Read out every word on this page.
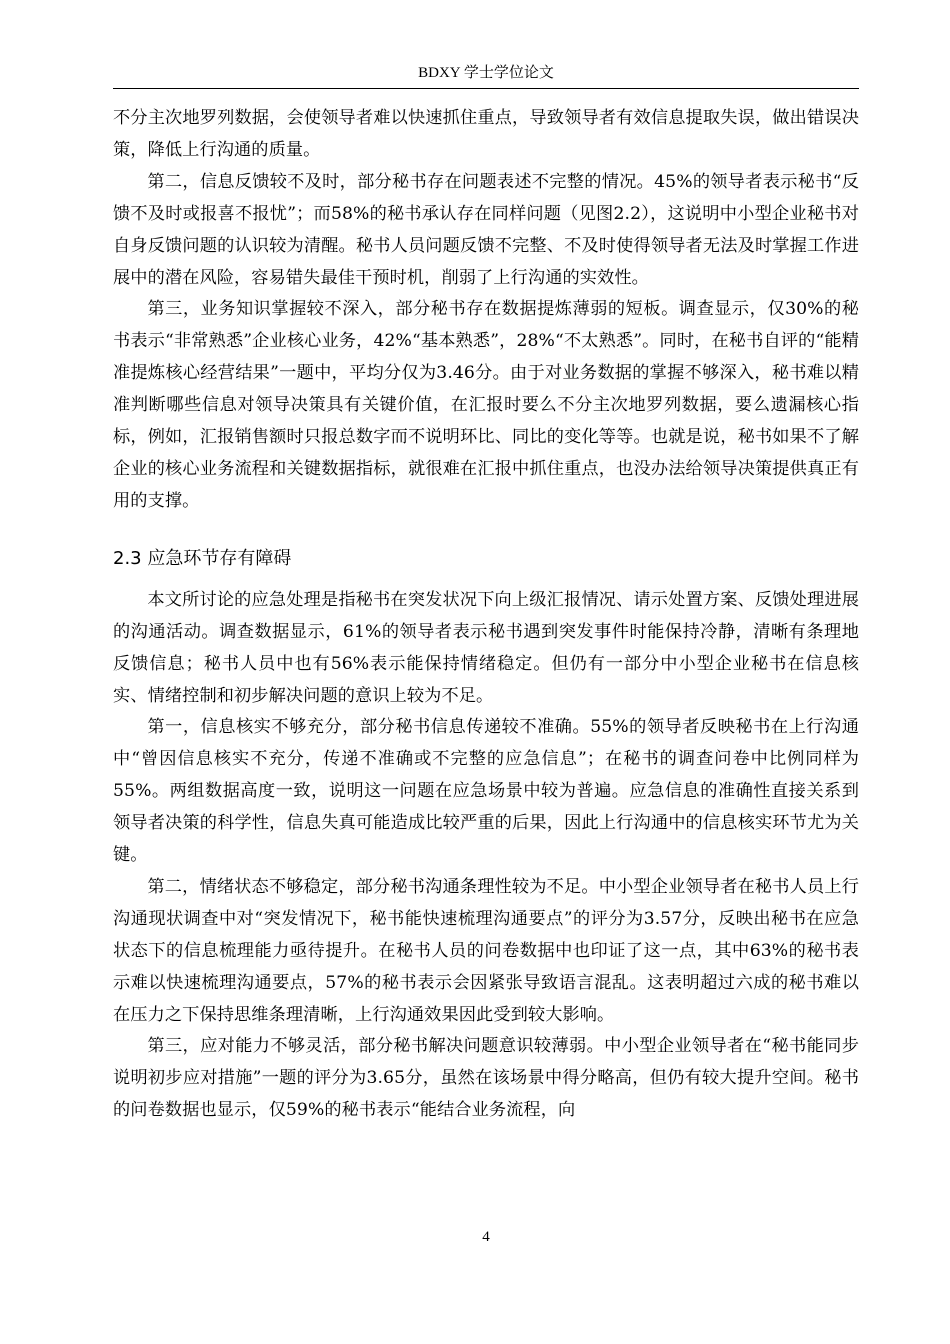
BDXY 学士学位论文

不分主次地罗列数据，会使领导者难以快速抓住重点，导致领导者有效信息提取失误，做出错误决策，降低上行沟通的质量。

第二，信息反馈较不及时，部分秘书存在问题表述不完整的情况。45%的领导者表示秘书“反馈不及时或报喜不报忧”；而58%的秘书承认存在同样问题（见图2.2），这说明中小型企业秘书对自身反馈问题的认识较为清醒。秘书人员问题反馈不完整、不及时使得领导者无法及时掌握工作进展中的潜在风险，容易错失最佳干预时机，削弱了上行沟通的实效性。

第三，业务知识掌握较不深入，部分秘书存在数据提炼薄弱的短板。调查显示，仅30%的秘书表示“非常熟悉”企业核心业务，42%“基本熟悉”，28%“不太熟悉”。同时，在秘书自评的“能精准提炼核心经营结果”一题中，平均分仅为3.46分。由于对业务数据的掌握不够深入，秘书难以精准判断哪些信息对领导决策具有关键价值，在汇报时要么不分主次地罗列数据，要么遗漏核心指标，例如，汇报销售额时只报总数字而不说明环比、同比的变化等等。也就是说，秘书如果不了解企业的核心业务流程和关键数据指标，就很难在汇报中抓住重点，也没办法给领导决策提供真正有用的支撑。

2.3 应急环节存有障碍

本文所讨论的应急处理是指秘书在突发状况下向上级汇报情况、请示处置方案、反馈处理进展的沟通活动。调查数据显示，61%的领导者表示秘书遇到突发事件时能保持冷静，清晰有条理地反馈信息；秘书人员中也有56%表示能保持情绪稳定。但仍有一部分中小型企业秘书在信息核实、情绪控制和初步解决问题的意识上较为不足。

第一，信息核实不够充分，部分秘书信息传递较不准确。55%的领导者反映秘书在上行沟通中“曾因信息核实不充分，传递不准确或不完整的应急信息”；在秘书的调查问卷中比例同样为55%。两组数据高度一致，说明这一问题在应急场景中较为普遍。应急信息的准确性直接关系到领导者决策的科学性，信息失真可能造成比较严重的后果，因此上行沟通中的信息核实环节尤为关键。

第二，情绪状态不够稳定，部分秘书沟通条理性较为不足。中小型企业领导者在秘书人员上行沟通现状调查中对“突发情况下，秘书能快速梳理沟通要点”的评分为3.57分，反映出秘书在应急状态下的信息梳理能力亟待提升。在秘书人员的问卷数据中也印证了这一点，其中63%的秘书表示难以快速梳理沟通要点，57%的秘书表示会因紧张导致语言混乱。这表明超过六成的秘书难以在压力之下保持思维条理清晰，上行沟通效果因此受到较大影响。

第三，应对能力不够灵活，部分秘书解决问题意识较薄弱。中小型企业领导者在“秘书能同步说明初步应对措施”一题的评分为3.65分，虽然在该场景中得分略高，但仍有较大提升空间。秘书的问卷数据也显示，仅59%的秘书表示“能结合业务流程，向

4
